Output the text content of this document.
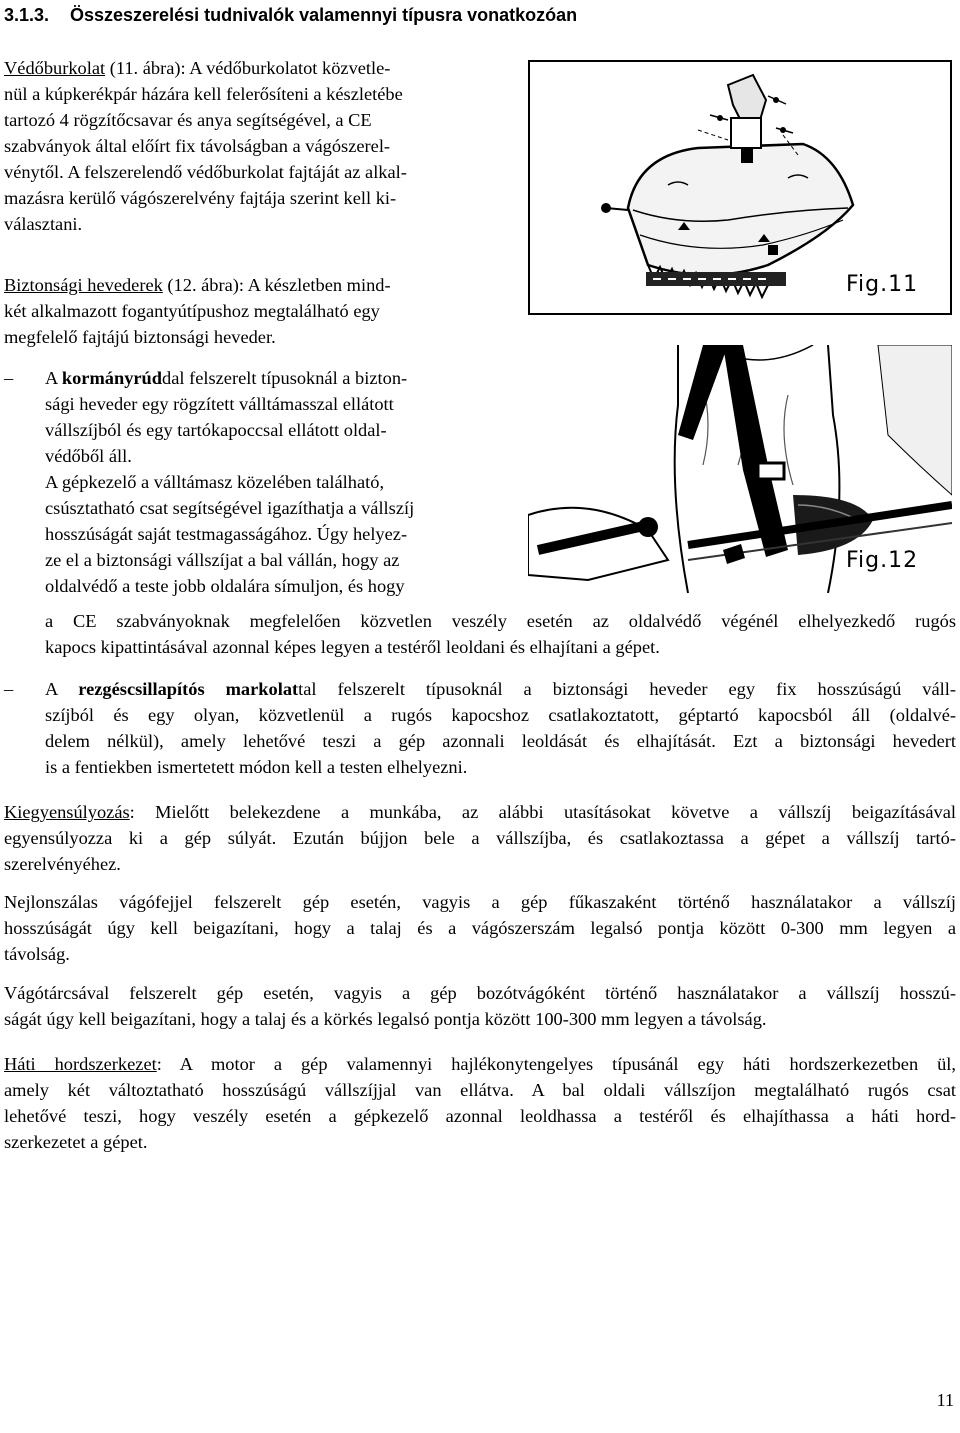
3.1.3. Összeszerelési tudnivalók valamennyi típusra vonatkozóan
Védőburkolat (11. ábra): A védőburkolatot közvetle-
nül a kúpkerékpár házára kell felerősíteni a készletébe
tartozó 4 rögzítőcsavar és anya segítségével, a CE
szabványok által előírt fix távolságban a vágószerel-
vénytől. A felszerelendő védőburkolat fajtáját az alkal-
mazásra kerülő vágószerelvény fajtája szerint kell ki-
választani.
Biztonsági hevederek (12. ábra): A készletben mind-
két alkalmazott fogantyútípushoz megtalálható egy
megfelelő fajtájú biztonsági heveder.
– A kormányrúddal felszerelt típusoknál a bizton-
sági heveder egy rögzített válltámasszal ellátott
vállszíjból és egy tartókapoccsal ellátott oldal-
védőből áll.
A gépkezelő a válltámasz közelében található,
csúsztatható csat segítségével igazíthatja a vállszíj
hosszúságát saját testmagasságához. Úgy helyez-
ze el a biztonsági vállszíjat a bal vállán, hogy az
oldalvédő a teste jobb oldalára símuljon, és hogy
a CE szabványoknak megfelelően közvetlen veszély esetén az oldalvédő végénél elhelyezkedő rugós
kapocs kipattintásával azonnal képes legyen a testéről leoldani és elhajítani a gépet.
– A rezgéscsillapítós markolattal felszerelt típusoknál a biztonsági heveder egy fix hosszúságú váll-
szíjból és egy olyan, közvetlenül a rugós kapocshoz csatlakoztatott, géptartó kapocsból áll (oldalvé-
delem nélkül), amely lehetővé teszi a gép azonnali leoldását és elhajítását. Ezt a biztonsági hevedert
is a fentiekben ismertetett módon kell a testen elhelyezni.
Kiegyensúlyozás: Mielőtt belekezdene a munkába, az alábbi utasításokat követve a vállszíj beigazításával
egyensúlyozza ki a gép súlyát. Ezután bújjon bele a vállszíjba, és csatlakoztassa a gépet a vállszíj tartó-
szerelvényéhez.
Nejlonszálas vágófejjel felszerelt gép esetén, vagyis a gép fűkaszaként történő használatakor a vállszíj
hosszúságát úgy kell beigazítani, hogy a talaj és a vágószerszám legalsó pontja között 0-300 mm legyen a
távolság.
Vágótárcsával felszerelt gép esetén, vagyis a gép bozótvágóként történő használatakor a vállszíj hosszú-
ságát úgy kell beigazítani, hogy a talaj és a körkés legalsó pontja között 100-300 mm legyen a távolság.
Háti hordszerkezet: A motor a gép valamennyi hajlékonytengelyes típusánál egy háti hordszerkezetben ül,
amely két változtatható hosszúságú vállszíjjal van ellátva. A bal oldali vállszíjon megtalálható rugós csat
lehetővé teszi, hogy veszély esetén a gépkezelő azonnal leoldhassa a testéről és elhajíthassa a háti hord-
szerkezetet a gépet.
Fig.11
Fig.12
11
